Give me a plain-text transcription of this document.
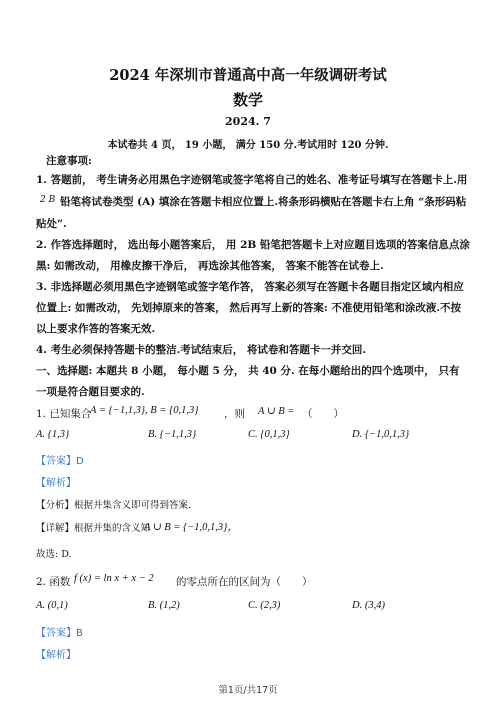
2024 年深圳市普通高中高一年级调研考试
数学
2024. 7
本试卷共 4 页， 19 小题， 满分 150 分.考试用时 120 分钟.
注意事项:
1. 答题前， 考生请务必用黑色字迹钢笔或签字笔将自己的姓名、准考证号填写在答题卡上.用
2 B 铅笔将试卷类型 (A) 填涂在答题卡相应位置上.将条形码横贴在答题卡右上角 “条形码粘
贴处”.
2. 作答选择题时， 选出每小题答案后， 用 2B 铅笔把答题卡上对应题目选项的答案信息点涂
黑: 如需改动， 用橡皮擦干净后， 再选涂其他答案， 答案不能答在试卷上.
3. 非选择题必须用黑色字迹钢笔或签字笔作答， 答案必须写在答题卡各题目指定区域内相应
位置上: 如需改动， 先划掉原来的答案， 然后再写上新的答案: 不准使用铅笔和涂改液.不按
以上要求作答的答案无效.
4. 考生必须保持答题卡的整洁.考试结束后， 将试卷和答题卡一并交回.
一、选择题: 本题共 8 小题， 每小题 5 分， 共 40 分. 在每小题给出的四个选项中， 只有
一项是符合题目要求的.
1. 已知集合
A = {−1,1,3}, B = {0,1,3} ，则 A ∪ B = （　　）
A. {1,3}	B. {−1,1,3}	C. {0,1,3}	D. {−1,0,1,3}
【答案】D
【解析】
【分析】根据并集含义即可得到答案.
【详解】根据并集的含义知
A ∪ B = {−1,0,1,3}，
故选: D.
2. 函数 f (x) = ln x + x − 2 的零点所在的区间为（　　）
A. (0,1)	B. (1,2)	C. (2,3)	D. (3,4)
【答案】B
【解析】
第1页/共17页
